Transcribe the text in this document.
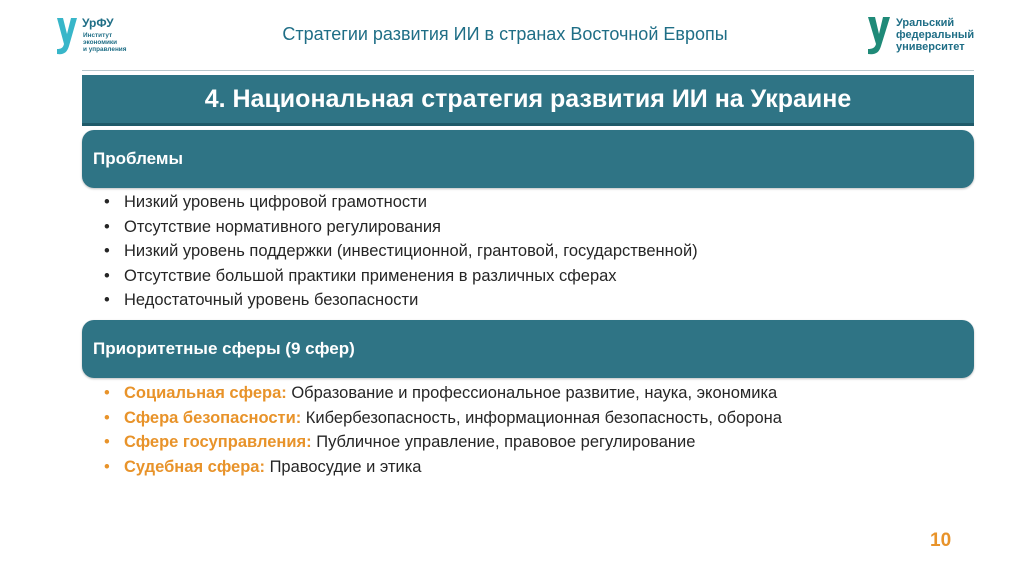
УрФУ
Институт
экономики
и управления
Стратегии развития ИИ в странах Восточной Европы
Уральский
федеральный
университет
4. Национальная стратегия развития ИИ на Украине
Проблемы
• Низкий уровень цифровой грамотности
• Отсутствие нормативного регулирования
• Низкий уровень поддержки (инвестиционной, грантовой, государственной)
• Отсутствие большой практики применения в различных сферах
• Недостаточный уровень безопасности
Приоритетные сферы (9 сфер)
• Социальная сфера: Образование и профессиональное развитие, наука, экономика
• Сфера безопасности: Кибербезопасность, информационная безопасность, оборона
• Сфере госуправления: Публичное управление, правовое регулирование
• Судебная сфера: Правосудие и этика
10
